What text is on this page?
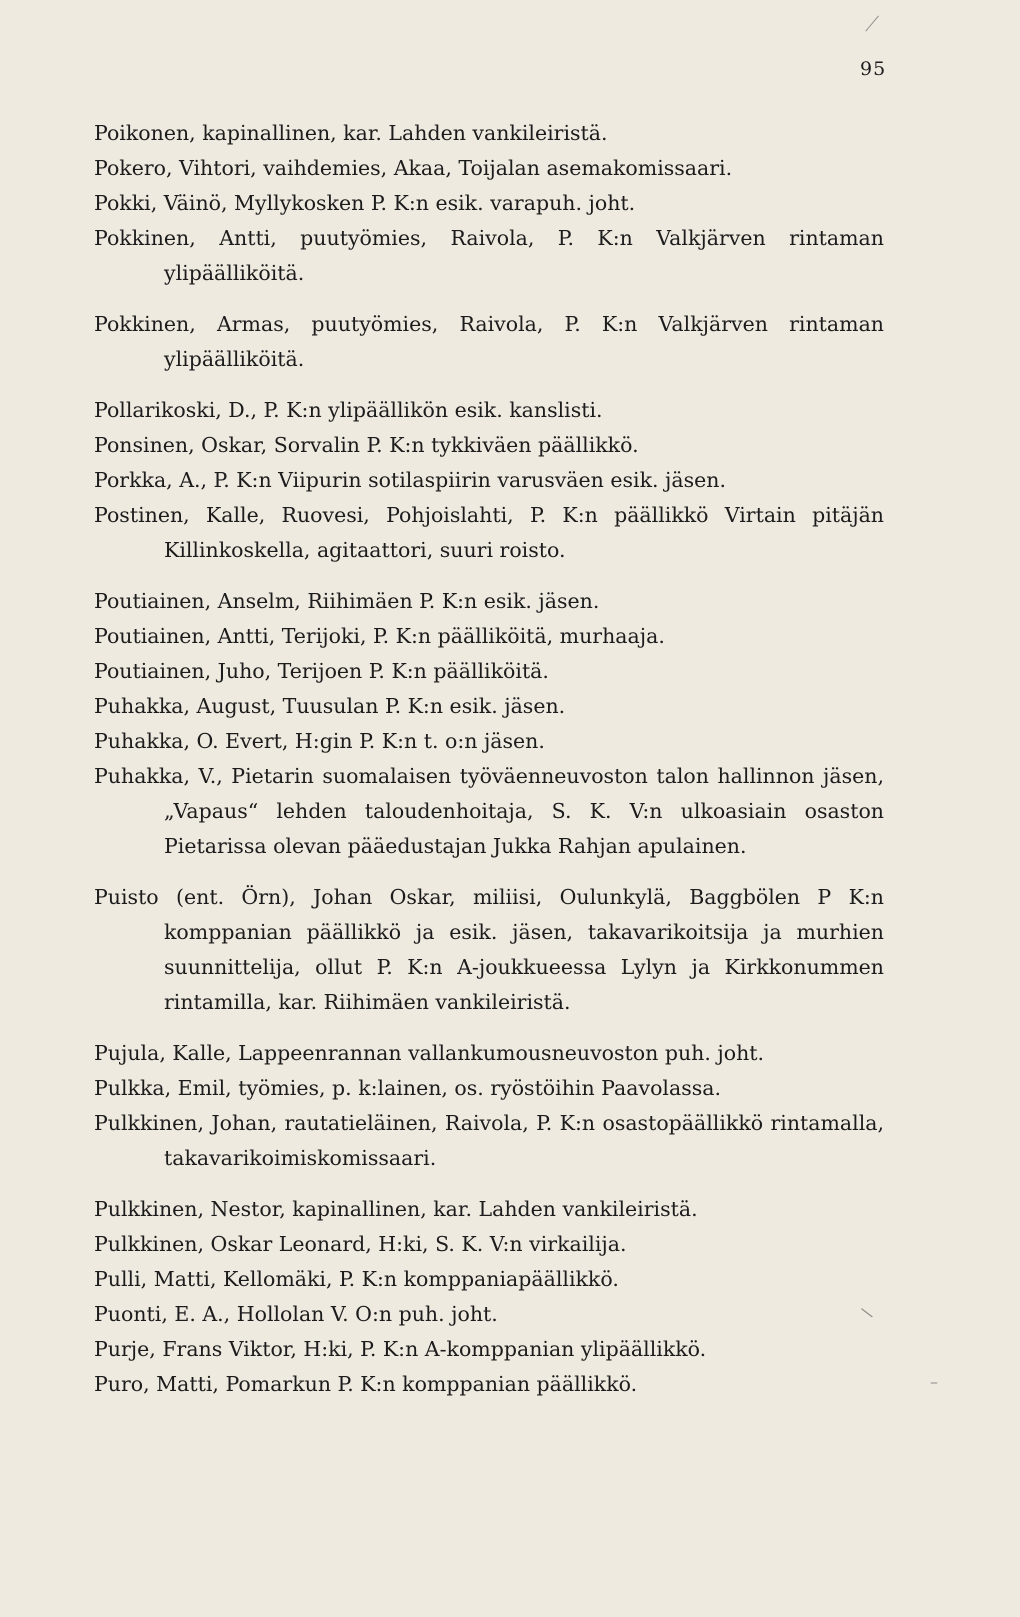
95
Poikonen, kapinallinen, kar. Lahden vankileiristä.
Pokero, Vihtori, vaihdemies, Akaa, Toijalan asemakomissaari.
Pokki, Väinö, Myllykosken P. K:n esik. varapuh. joht.
Pokkinen, Antti, puutyömies, Raivola, P. K:n Valkjärven rintaman ylipäälliköitä.
Pokkinen, Armas, puutyömies, Raivola, P. K:n Valkjärven rintaman ylipäälliköitä.
Pollarikoski, D., P. K:n ylipäällikön esik. kanslisti.
Ponsinen, Oskar, Sorvalin P. K:n tykkiväen päällikkö.
Porkka, A., P. K:n Viipurin sotilaspiirin varusväen esik. jäsen.
Postinen, Kalle, Ruovesi, Pohjoislahti, P. K:n päällikkö Virtain pitäjän Killinkoskella, agitaattori, suuri roisto.
Poutiainen, Anselm, Riihimäen P. K:n esik. jäsen.
Poutiainen, Antti, Terijoki, P. K:n päälliköitä, murhaaja.
Poutiainen, Juho, Terijoen P. K:n päälliköitä.
Puhakka, August, Tuusulan P. K:n esik. jäsen.
Puhakka, O. Evert, H:gin P. K:n t. o:n jäsen.
Puhakka, V., Pietarin suomalaisen työväenneuvoston talon hallinnon jäsen, „Vapaus“ lehden taloudenhoitaja, S. K. V:n ulkoasiain osaston Pietarissa olevan pääedustajan Jukka Rahjan apulainen.
Puisto (ent. Örn), Johan Oskar, miliisi, Oulunkylä, Baggbölen P K:n komppanian päällikkö ja esik. jäsen, takavarikoitsija ja murhien suunnittelija, ollut P. K:n A-joukkueessa Lylyn ja Kirkkonummen rintamilla, kar. Riihimäen vankileiristä.
Pujula, Kalle, Lappeenrannan vallankumousneuvoston puh. joht.
Pulkka, Emil, työmies, p. k:lainen, os. ryöstöihin Paavolassa.
Pulkkinen, Johan, rautatieläinen, Raivola, P. K:n osastopäällikkö rintamalla, takavarikoimiskomissaari.
Pulkkinen, Nestor, kapinallinen, kar. Lahden vankileiristä.
Pulkkinen, Oskar Leonard, H:ki, S. K. V:n virkailija.
Pulli, Matti, Kellomäki, P. K:n komppaniapäällikkö.
Puonti, E. A., Hollolan V. O:n puh. joht.
Purje, Frans Viktor, H:ki, P. K:n A-komppanian ylipäällikkö.
Puro, Matti, Pomarkun P. K:n komppanian päällikkö.
\
–
